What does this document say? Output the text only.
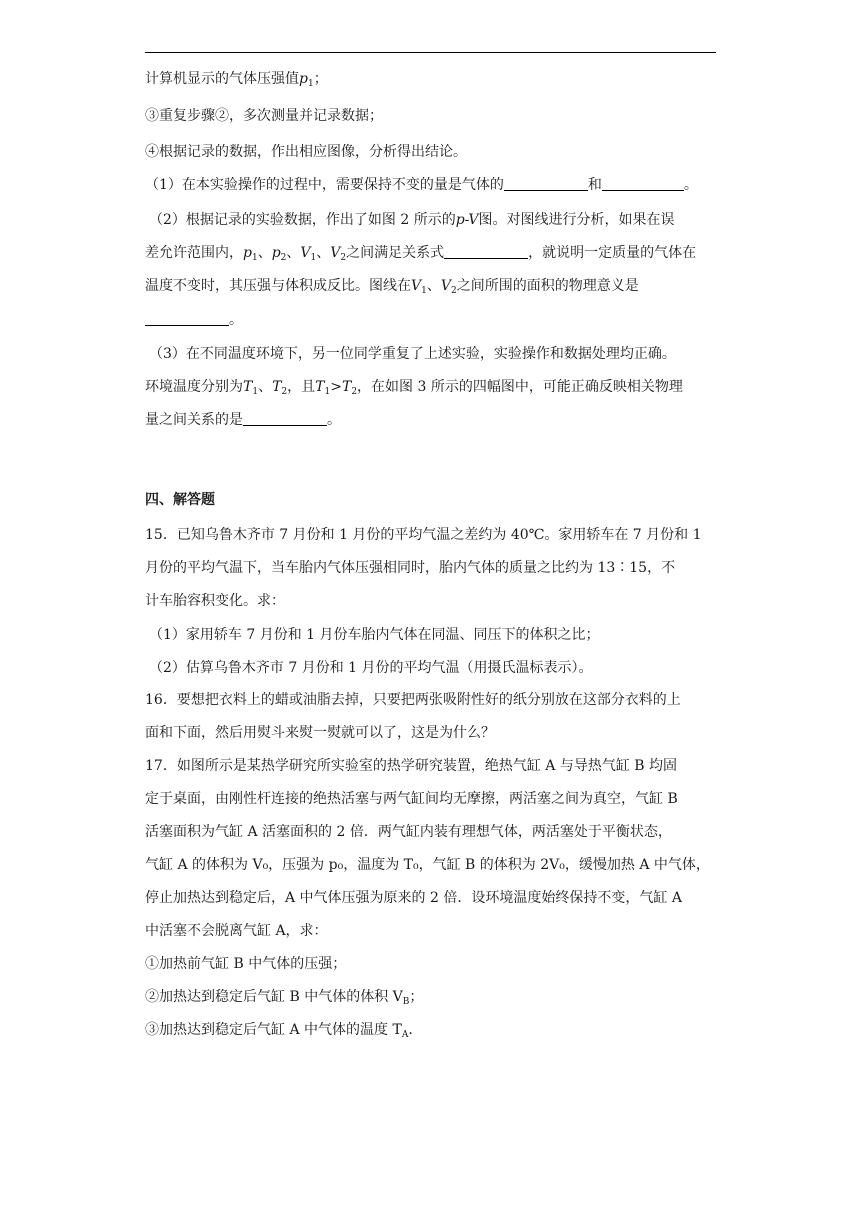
计算机显示的气体压强值$p_1$；
③重复步骤②，多次测量并记录数据；
④根据记录的数据，作出相应图像，分析得出结论。
（1）在本实验操作的过程中，需要保持不变的量是气体的	和	。
（2）根据记录的实验数据，作出了如图 2 所示的p-V图。对图线进行分析，如果在误
差允许范围内，$p_1$、$p_2$、$V_1$、$V_2$之间满足关系式	，就说明一定质量的气体在
温度不变时，其压强与体积成反比。图线在$V_1$、$V_2$之间所围的面积的物理意义是
。
（3）在不同温度环境下，另一位同学重复了上述实验，实验操作和数据处理均正确。
环境温度分别为$T_1$、$T_2$，且$T_1>T_2$，在如图 3 所示的四幅图中，可能正确反映相关物理
量之间关系的是	。
四、解答题
15．已知乌鲁木齐市 7 月份和 1 月份的平均气温之差约为 40℃。家用轿车在 7 月份和 1
月份的平均气温下，当车胎内气体压强相同时，胎内气体的质量之比约为 13∶15，不
计车胎容积变化。求：
（1）家用轿车 7 月份和 1 月份车胎内气体在同温、同压下的体积之比；
（2）估算乌鲁木齐市 7 月份和 1 月份的平均气温（用摄氏温标表示）。
16．要想把衣料上的蜡或油脂去掉，只要把两张吸附性好的纸分别放在这部分衣料的上
面和下面，然后用熨斗来熨一熨就可以了，这是为什么？
17．如图所示是某热学研究所实验室的热学研究装置，绝热气缸 A 与导热气缸 B 均固
定于桌面，由刚性杆连接的绝热活塞与两气缸间均无摩擦，两活塞之间为真空，气缸 B
活塞面积为气缸 A 活塞面积的 2 倍．两气缸内装有理想气体，两活塞处于平衡状态，
气缸 A 的体积为 V₀，压强为 p₀，温度为 T₀，气缸 B 的体积为 2V₀，缓慢加热 A 中气体，
停止加热达到稳定后，A 中气体压强为原来的 2 倍．设环境温度始终保持不变，气缸 A
中活塞不会脱离气缸 A，求：
①加热前气缸 B 中气体的压强；
②加热达到稳定后气缸 B 中气体的体积 $V_B$；
③加热达到稳定后气缸 A 中气体的温度 $T_A$.
